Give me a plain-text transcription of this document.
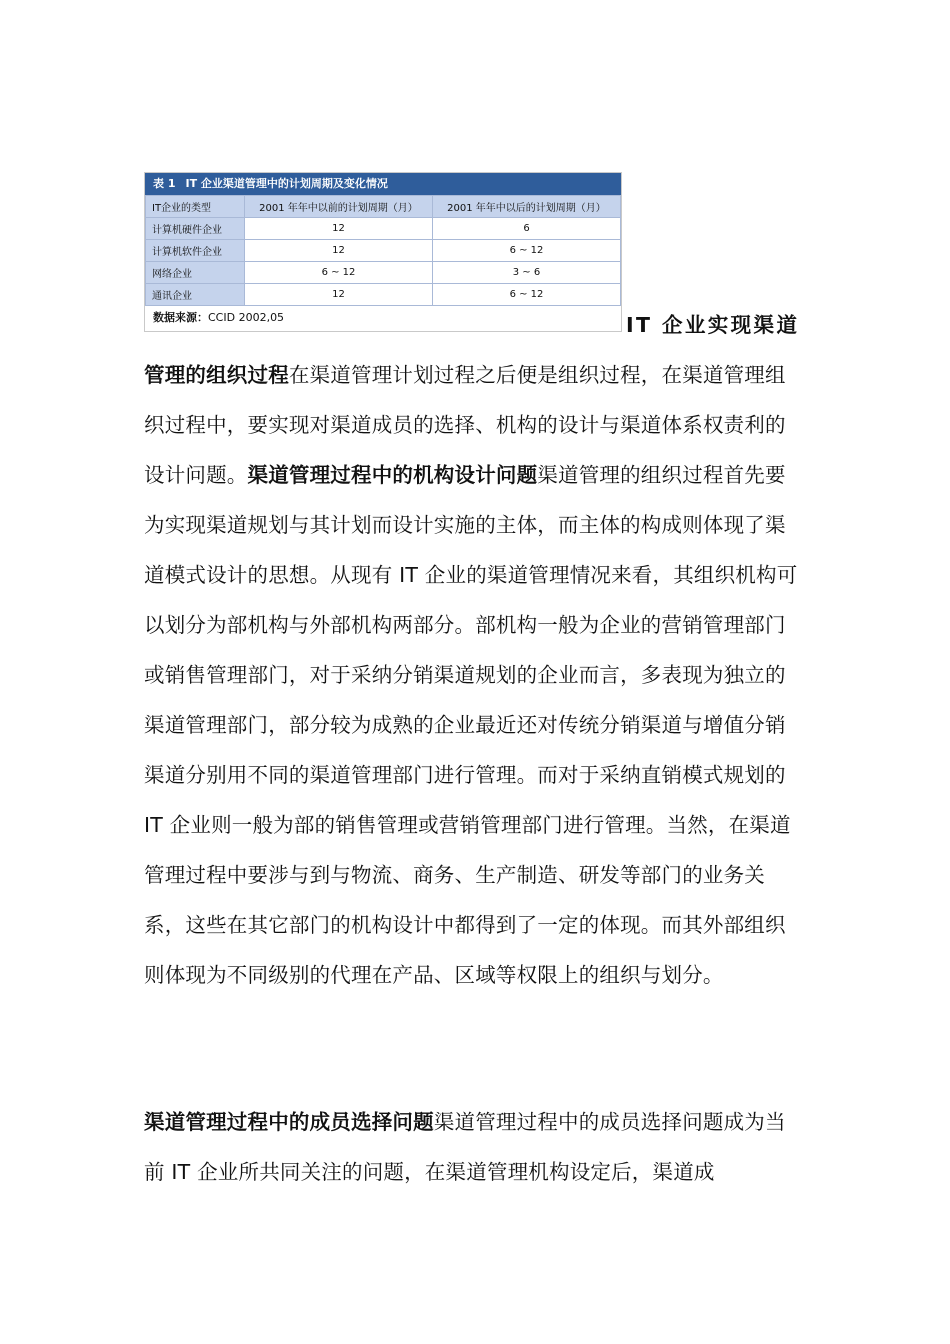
表 1 IT 企业渠道管理中的计划周期及变化情况
IT企业的类型	2001 年年中以前的计划周期（月）	2001 年年中以后的计划周期（月）
计算机硬件企业	12	6
计算机软件企业	12	6 ~ 12
网络企业	6 ~ 12	3 ~ 6
通讯企业	12	6 ~ 12
数据来源：CCID 2002,05	IT 企业实现渠道
管理的组织过程在渠道管理计划过程之后便是组织过程，在渠道管理组织过程中，要实现对渠道成员的选择、机构的设计与渠道体系权责利的设计问题。渠道管理过程中的机构设计问题渠道管理的组织过程首先要为实现渠道规划与其计划而设计实施的主体，而主体的构成则体现了渠道模式设计的思想。从现有 IT 企业的渠道管理情况来看，其组织机构可以划分为部机构与外部机构两部分。部机构一般为企业的营销管理部门或销售管理部门，对于采纳分销渠道规划的企业而言，多表现为独立的渠道管理部门，部分较为成熟的企业最近还对传统分销渠道与增值分销渠道分别用不同的渠道管理部门进行管理。而对于采纳直销模式规划的 IT 企业则一般为部的销售管理或营销管理部门进行管理。当然，在渠道管理过程中要涉与到与物流、商务、生产制造、研发等部门的业务关系，这些在其它部门的机构设计中都得到了一定的体现。而其外部组织则体现为不同级别的代理在产品、区域等权限上的组织与划分。
渠道管理过程中的成员选择问题渠道管理过程中的成员选择问题成为当前 IT 企业所共同关注的问题，在渠道管理机构设定后，渠道成
